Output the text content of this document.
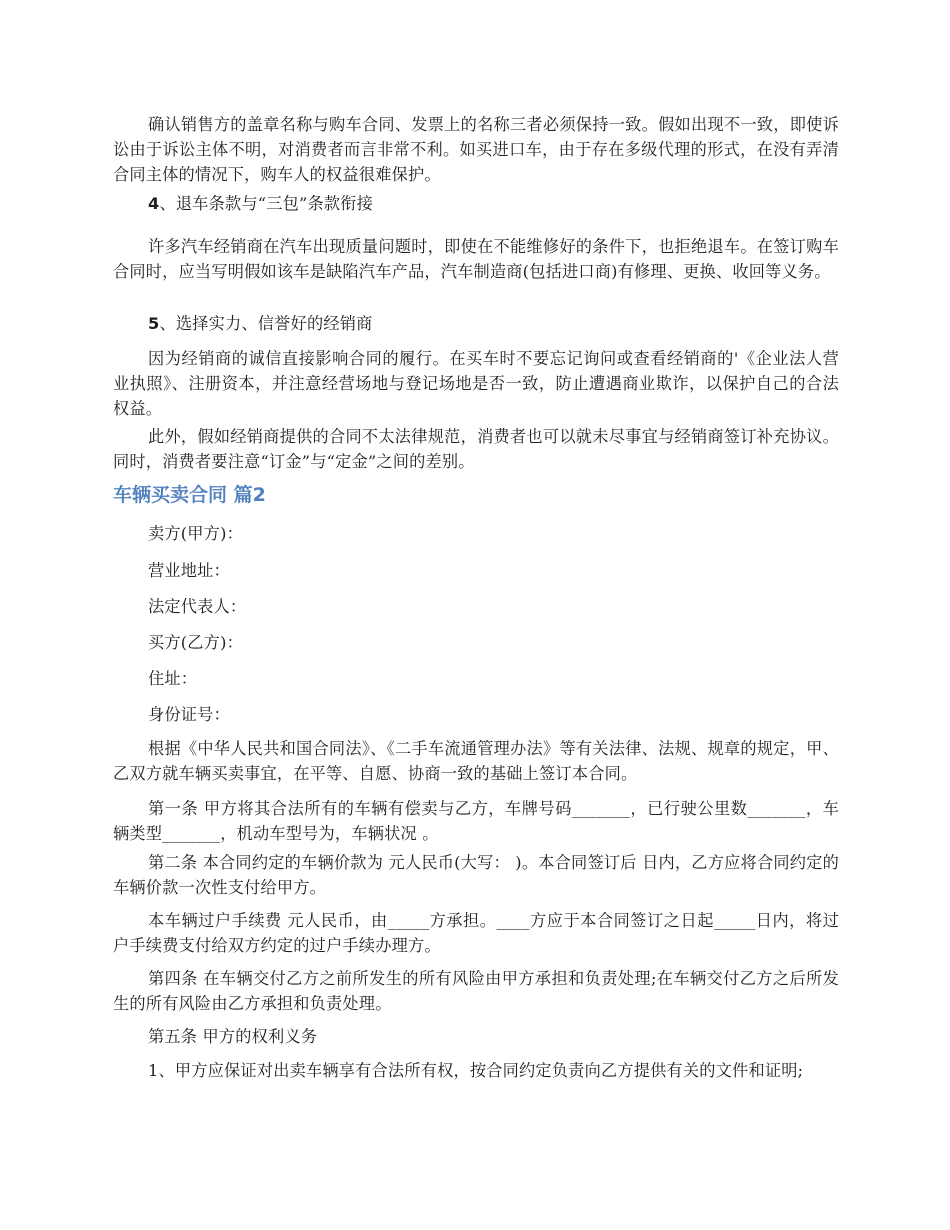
确认销售方的盖章名称与购车合同、发票上的名称三者必须保持一致。假如出现不一致，即使诉讼由于诉讼主体不明，对消费者而言非常不利。如买进口车，由于存在多级代理的形式，在没有弄清合同主体的情况下，购车人的权益很难保护。

4、退车条款与“三包”条款衔接

许多汽车经销商在汽车出现质量问题时，即使在不能维修好的条件下，也拒绝退车。在签订购车合同时，应当写明假如该车是缺陷汽车产品，汽车制造商(包括进口商)有修理、更换、收回等义务。

5、选择实力、信誉好的经销商

因为经销商的诚信直接影响合同的履行。在买车时不要忘记询问或查看经销商的'《企业法人营业执照》、注册资本，并注意经营场地与登记场地是否一致，防止遭遇商业欺诈，以保护自己的合法权益。

此外，假如经销商提供的合同不太法律规范，消费者也可以就未尽事宜与经销商签订补充协议。同时，消费者要注意“订金”与“定金”之间的差别。

车辆买卖合同 篇2

卖方(甲方)：

营业地址：

法定代表人：

买方(乙方)：

住址：

身份证号：

根据《中华人民共和国合同法》、《二手车流通管理办法》等有关法律、法规、规章的规定，甲、乙双方就车辆买卖事宜，在平等、自愿、协商一致的基础上签订本合同。

第一条 甲方将其合法所有的车辆有偿卖与乙方，车牌号码_______，已行驶公里数_______，车辆类型_______，机动车型号为，车辆状况 。

第二条 本合同约定的车辆价款为 元人民币(大写： )。本合同签订后 日内，乙方应将合同约定的车辆价款一次性支付给甲方。

本车辆过户手续费 元人民币，由_____方承担。____方应于本合同签订之日起_____日内，将过户手续费支付给双方约定的过户手续办理方。

第四条 在车辆交付乙方之前所发生的所有风险由甲方承担和负责处理;在车辆交付乙方之后所发生的所有风险由乙方承担和负责处理。

第五条 甲方的权利义务

1、甲方应保证对出卖车辆享有合法所有权，按合同约定负责向乙方提供有关的文件和证明;
